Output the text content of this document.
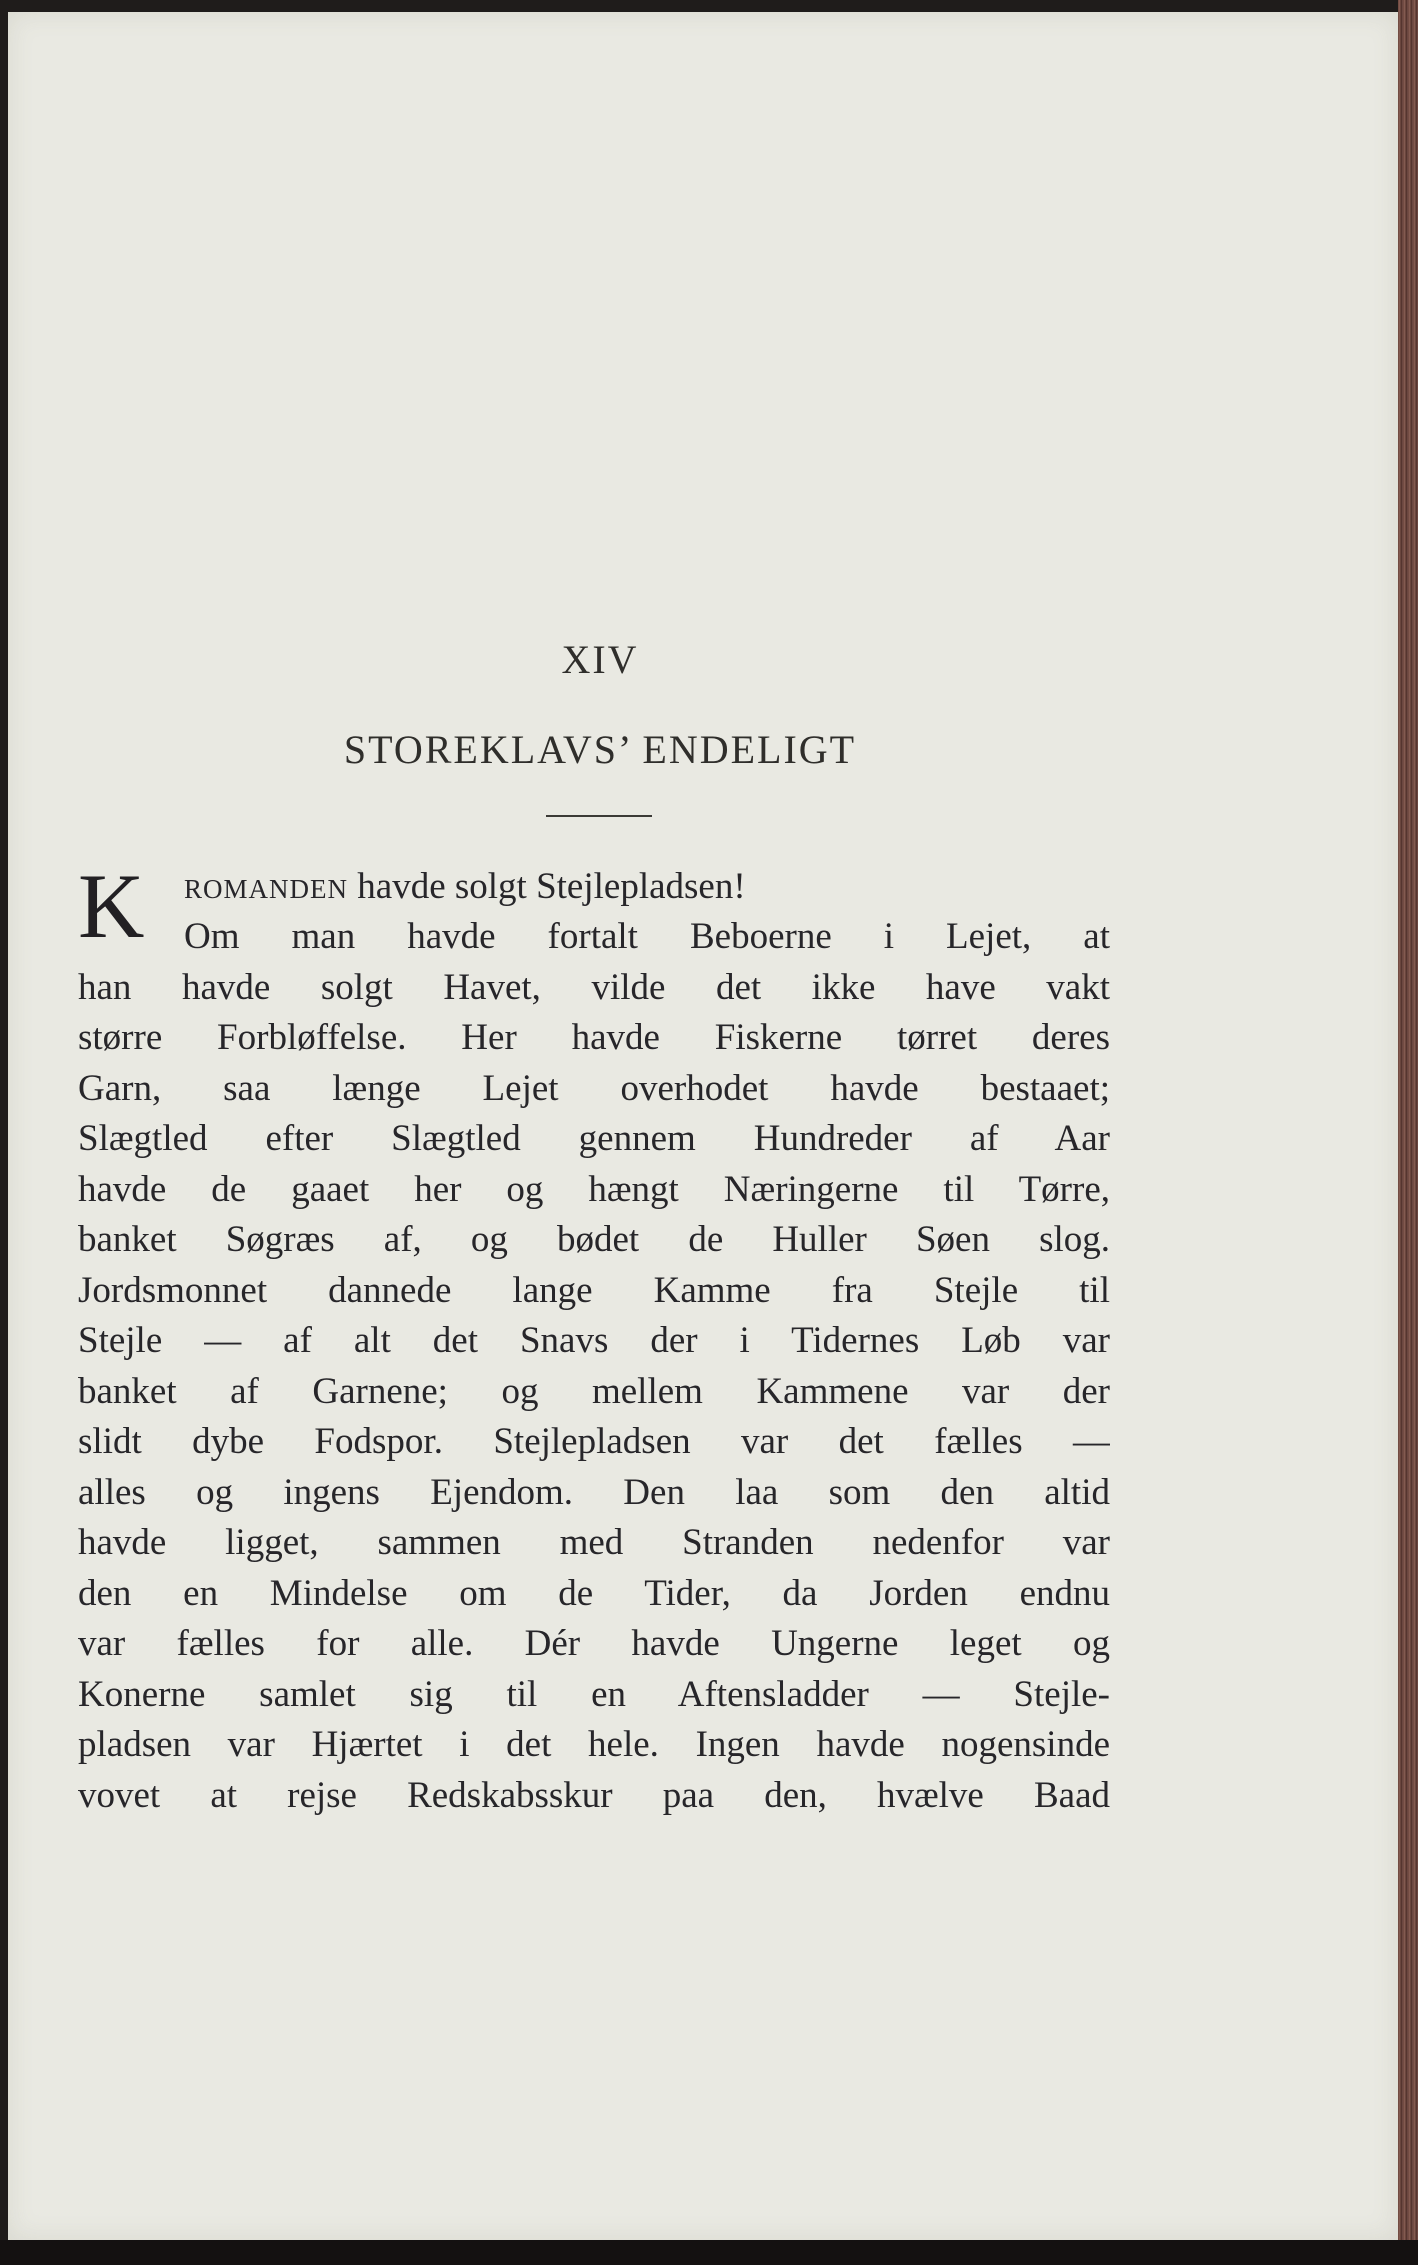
XIV
STOREKLAVS’ ENDELIGT
K ROMANDEN havde solgt Stejlepladsen!
Om man havde fortalt Beboerne i Lejet, at
han havde solgt Havet, vilde det ikke have vakt
større Forbløffelse. Her havde Fiskerne tørret deres
Garn, saa længe Lejet overhodet havde bestaaet;
Slægtled efter Slægtled gennem Hundreder af Aar
havde de gaaet her og hængt Næringerne til Tørre,
banket Søgræs af, og bødet de Huller Søen slog.
Jordsmonnet dannede lange Kamme fra Stejle til
Stejle — af alt det Snavs der i Tidernes Løb var
banket af Garnene; og mellem Kammene var der
slidt dybe Fodspor. Stejlepladsen var det fælles —
alles og ingens Ejendom. Den laa som den altid
havde ligget, sammen med Stranden nedenfor var
den en Mindelse om de Tider, da Jorden endnu
var fælles for alle. Dér havde Ungerne leget og
Konerne samlet sig til en Aftensladder — Stejle-
pladsen var Hjærtet i det hele. Ingen havde nogensinde
vovet at rejse Redskabsskur paa den, hvælve Baad
